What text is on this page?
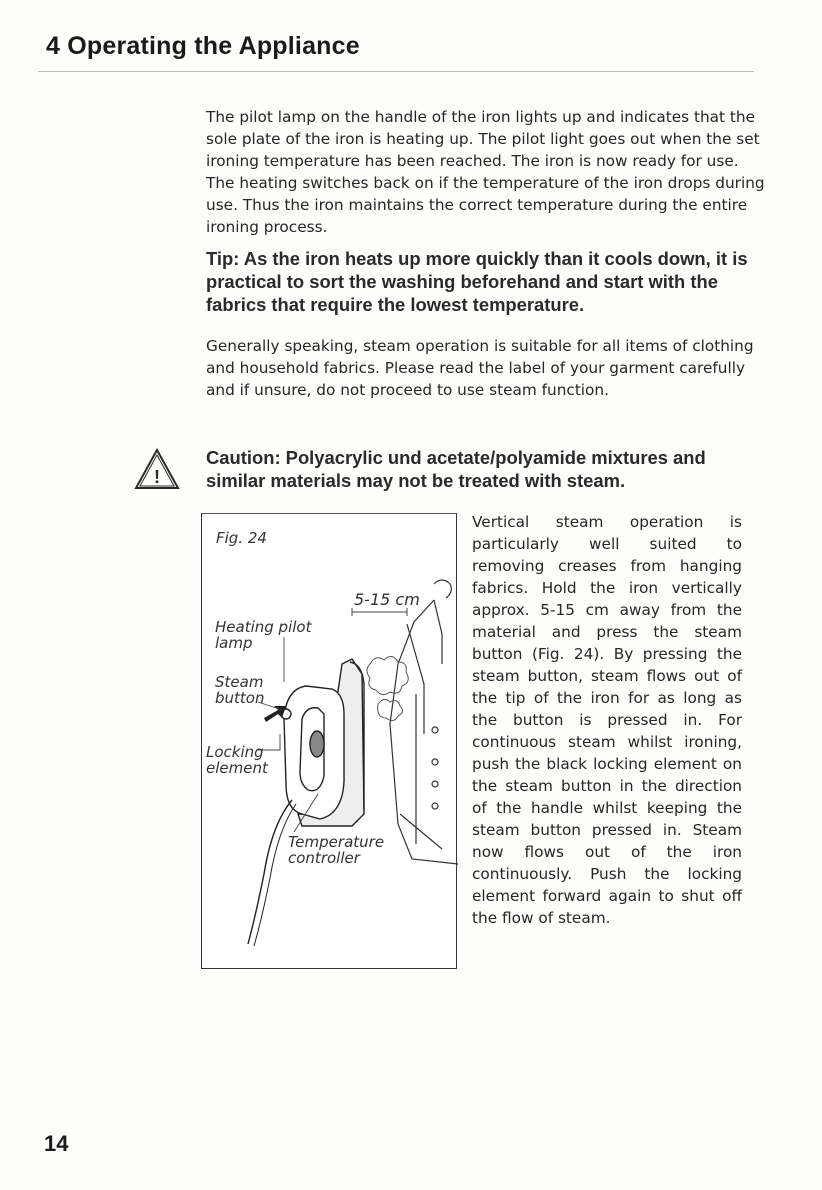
4 Operating the Appliance

The pilot lamp on the handle of the iron lights up and indicates that the sole plate of the iron is heating up. The pilot light goes out when the set ironing temperature has been reached. The iron is now ready for use. The heating switches back on if the temperature of the iron drops during use. Thus the iron maintains the correct temperature during the entire ironing process.

Tip: As the iron heats up more quickly than it cools down, it is practical to sort the washing beforehand and start with the fabrics that require the lowest temperature.

Generally speaking, steam operation is suitable for all items of clothing and household fabrics. Please read the label of your garment carefully and if unsure, do not proceed to use steam function.

!

Caution: Polyacrylic und acetate/polyamide mixtures and similar materials may not be treated with steam.

Fig. 24

5-15 cm

Heating pilot

lamp

Steam

button

Locking

element

Temperature

controller

Vertical steam operation is particularly well suited to removing creases from hanging fabrics. Hold the iron vertically approx. 5-15 cm away from the material and press the steam button (Fig. 24). By pressing the steam button, steam flows out of the tip of the iron for as long as the button is pressed in. For continuous steam whilst ironing, push the black locking element on the steam button in the direction of the handle whilst keeping the steam button pressed in. Steam now flows out of the iron continuously. Push the locking element forward again to shut off the flow of steam.

14
